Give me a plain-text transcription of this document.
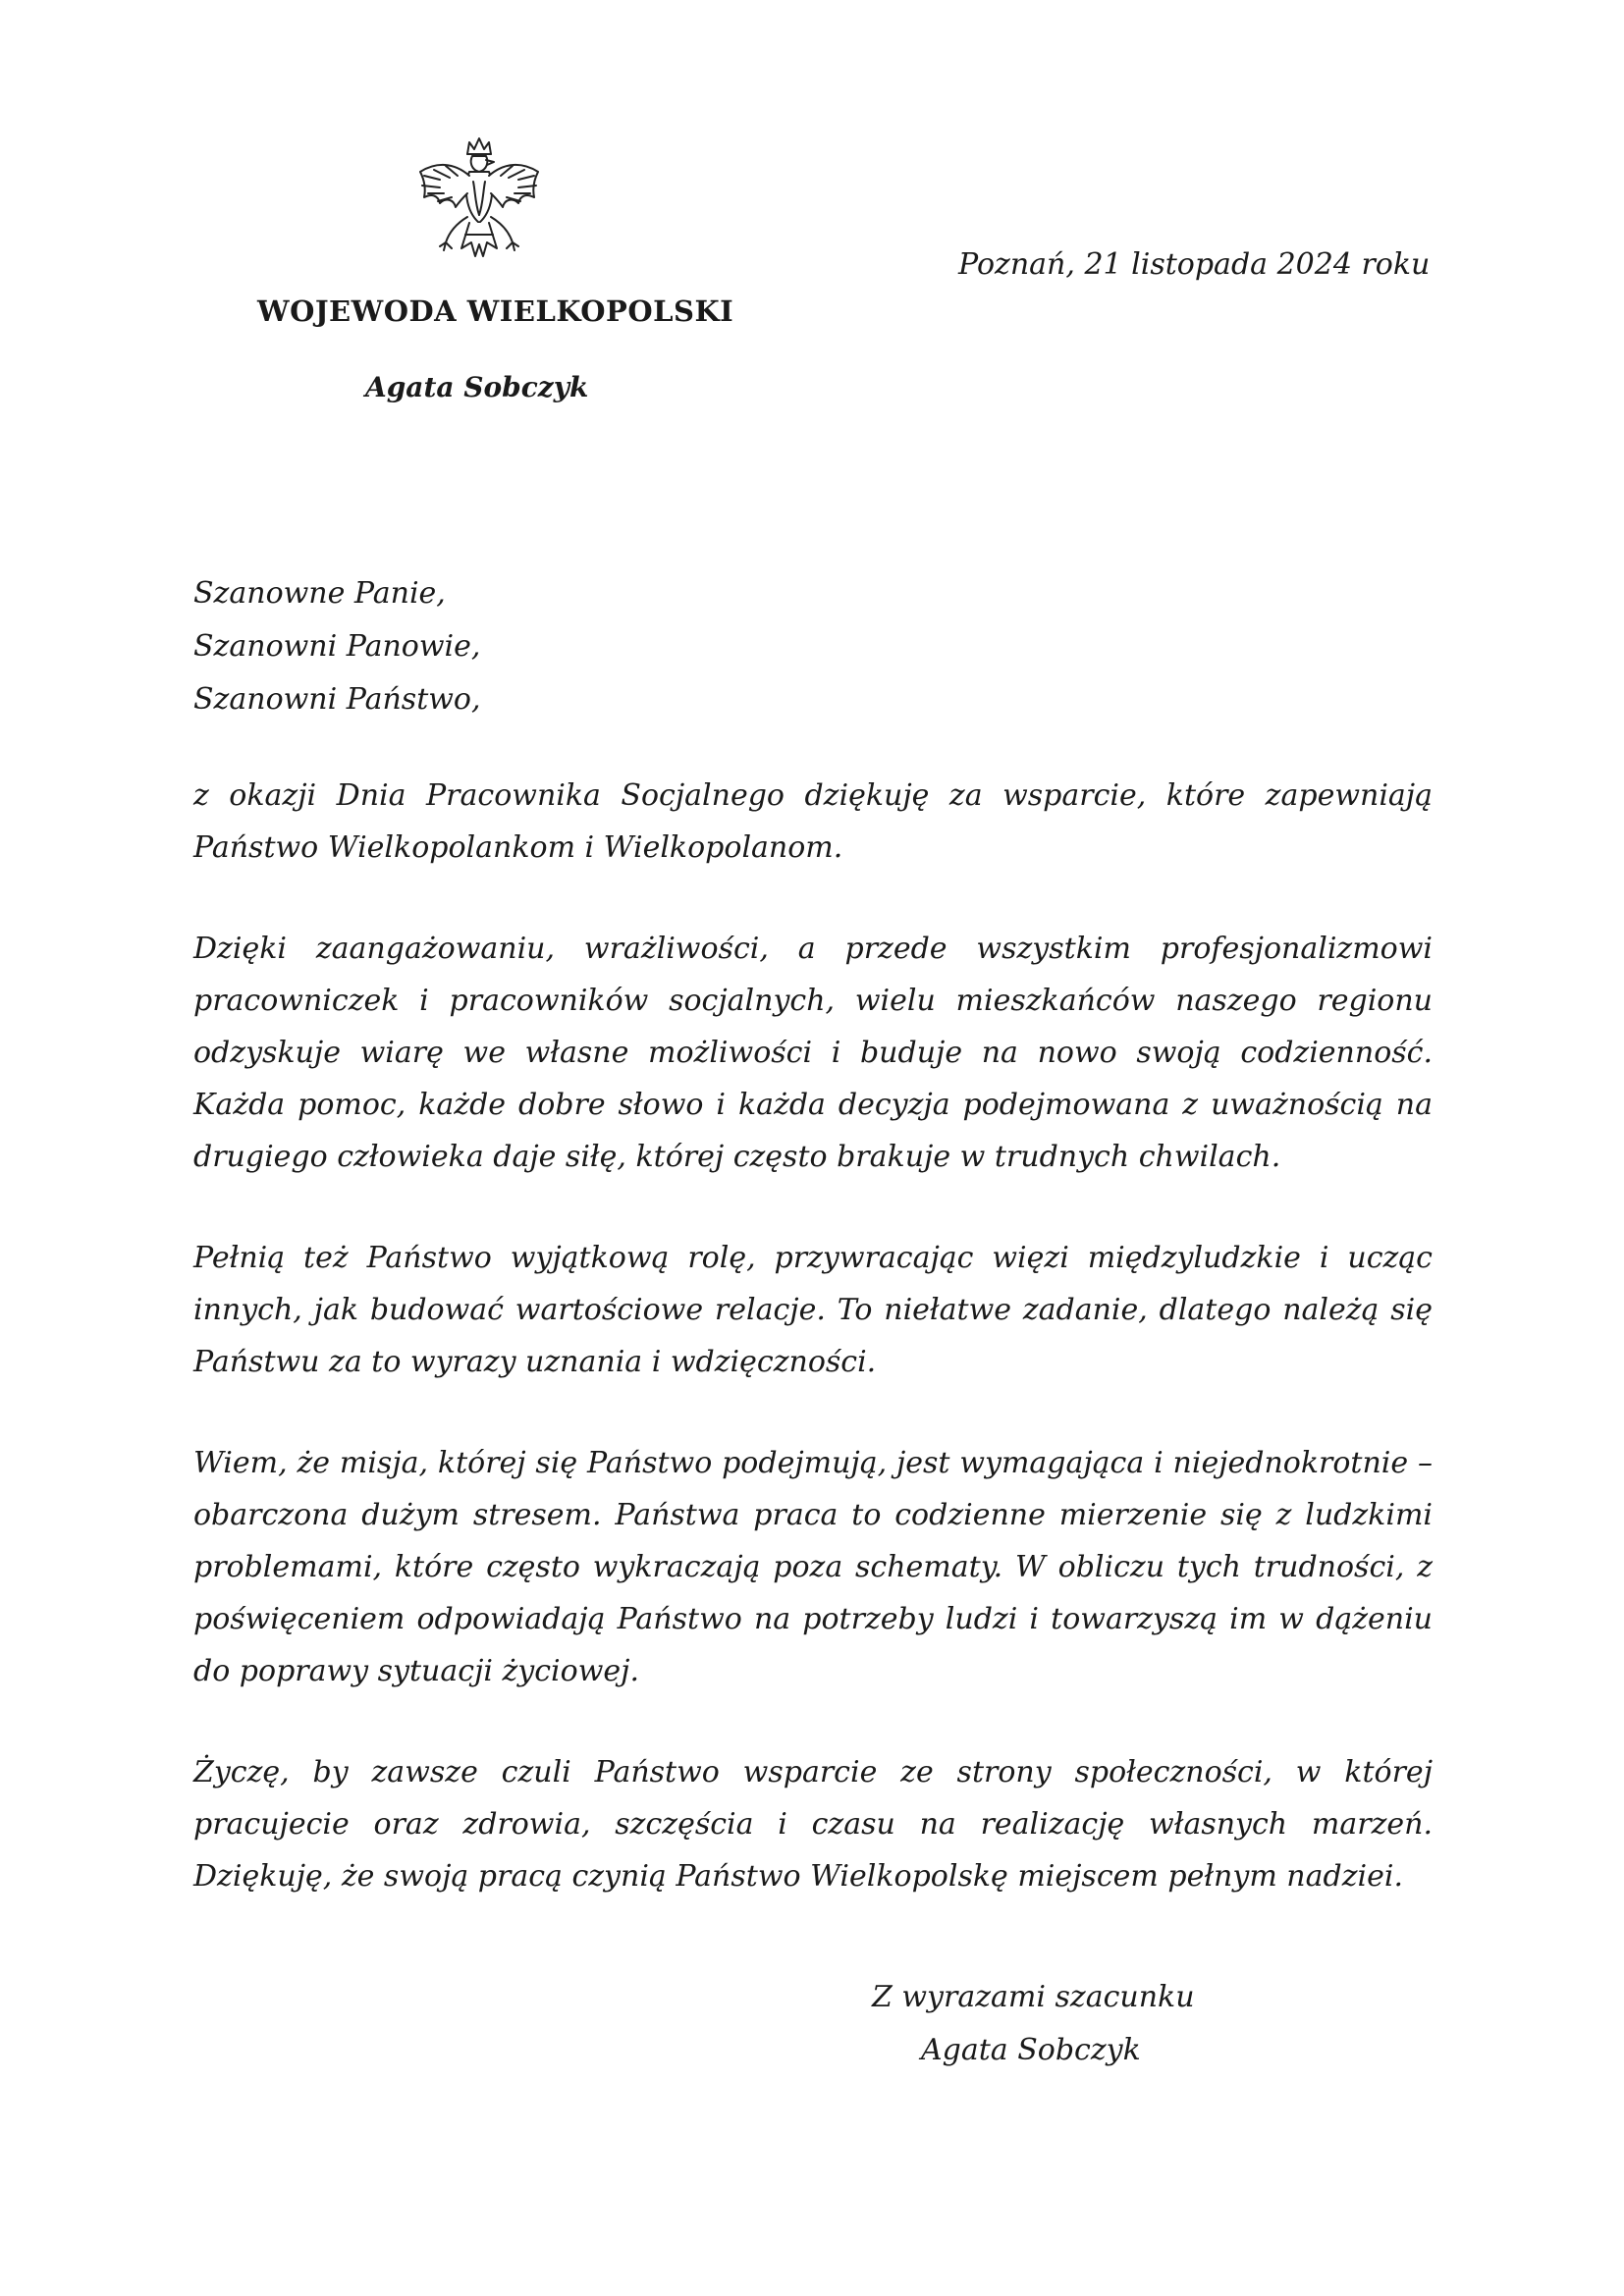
WOJEWODA WIELKOPOLSKI
Agata Sobczyk
Poznań, 21 listopada 2024 roku
Szanowne Panie,
Szanowni Panowie,
Szanowni Państwo,

z okazji Dnia Pracownika Socjalnego dziękuję za wsparcie, które zapewniają Państwo Wielkopolankom i Wielkopolanom.

Dzięki zaangażowaniu, wrażliwości, a przede wszystkim profesjonalizmowi pracowniczek i pracowników socjalnych, wielu mieszkańców naszego regionu odzyskuje wiarę we własne możliwości i buduje na nowo swoją codzienność. Każda pomoc, każde dobre słowo i każda decyzja podejmowana z uważnością na drugiego człowieka daje siłę, której często brakuje w trudnych chwilach.

Pełnią też Państwo wyjątkową rolę, przywracając więzi międzyludzkie i ucząc innych, jak budować wartościowe relacje. To niełatwe zadanie, dlatego należą się Państwu za to wyrazy uznania i wdzięczności.

Wiem, że misja, której się Państwo podejmują, jest wymagająca i niejednokrotnie – obarczona dużym stresem. Państwa praca to codzienne mierzenie się z ludzkimi problemami, które często wykraczają poza schematy. W obliczu tych trudności, z poświęceniem odpowiadają Państwo na potrzeby ludzi i towarzyszą im w dążeniu do poprawy sytuacji życiowej.

Życzę, by zawsze czuli Państwo wsparcie ze strony społeczności, w której pracujecie oraz zdrowia, szczęścia i czasu na realizację własnych marzeń. Dziękuję, że swoją pracą czynią Państwo Wielkopolskę miejscem pełnym nadziei.

Z wyrazami szacunku
Agata Sobczyk
